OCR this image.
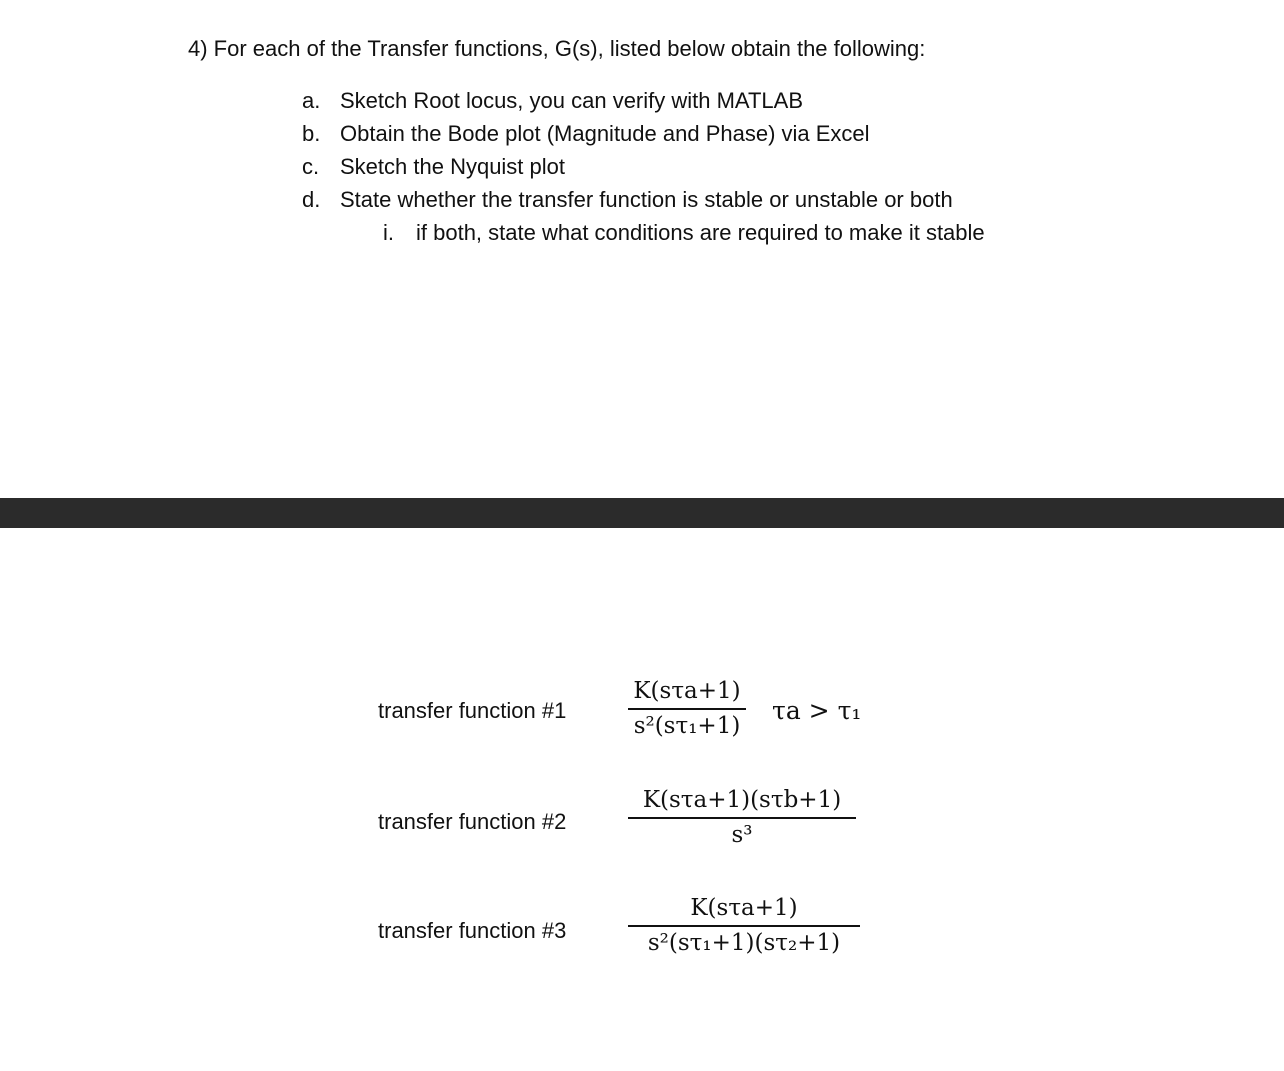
4) For each of the Transfer functions, G(s), listed below obtain the following:
a. Sketch Root locus, you can verify with MATLAB
b. Obtain the Bode plot (Magnitude and Phase) via Excel
c. Sketch the Nyquist plot
d. State whether the transfer function is stable or unstable or both
i. if both, state what conditions are required to make it stable
transfer function #1
K(sτa+1)
s²(sτ₁+1)
τa > τ₁
transfer function #2
K(sτa+1)(sτb+1)
s³
transfer function #3
K(sτa+1)
s²(sτ₁+1)(sτ₂+1)
